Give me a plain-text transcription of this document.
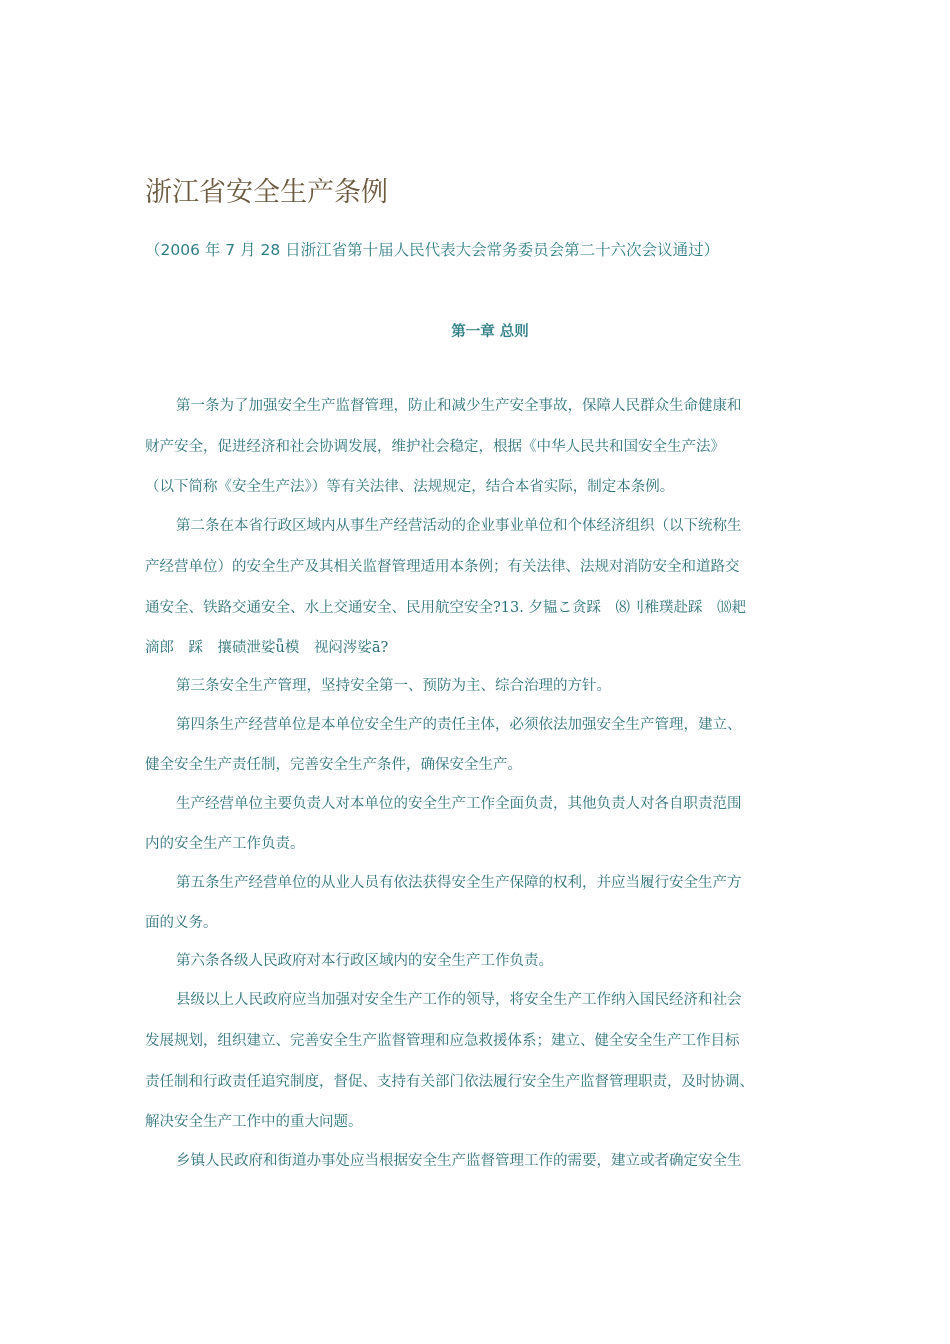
浙江省安全生产条例
（2006 年 7 月 28 日浙江省第十届人民代表大会常务委员会第二十六次会议通过）
第一章 总则
第一条为了加强安全生产监督管理，防止和减少生产安全事故，保障人民群众生命健康和
财产安全，促进经济和社会协调发展，维护社会稳定，根据《中华人民共和国安全生产法》
（以下简称《安全生产法》）等有关法律、法规规定，结合本省实际，制定本条例。
第二条在本省行政区域内从事生产经营活动的企业事业单位和个体经济组织（以下统称生
产经营单位）的安全生产及其相关监督管理适用本条例；有关法律、法规对消防安全和道路交
通安全、铁路交通安全、水上交通安全、民用航空安全?13. 夕韫こ贪踩　⑻刂稚璞赴踩　⒅耙
滴郎　踩　攘碛泄娑ǖ模　视闷涔娑ā?
第三条安全生产管理，坚持安全第一、预防为主、综合治理的方针。
第四条生产经营单位是本单位安全生产的责任主体，必须依法加强安全生产管理，建立、
健全安全生产责任制，完善安全生产条件，确保安全生产。
生产经营单位主要负责人对本单位的安全生产工作全面负责，其他负责人对各自职责范围
内的安全生产工作负责。
第五条生产经营单位的从业人员有依法获得安全生产保障的权利，并应当履行安全生产方
面的义务。
第六条各级人民政府对本行政区域内的安全生产工作负责。
县级以上人民政府应当加强对安全生产工作的领导，将安全生产工作纳入国民经济和社会
发展规划，组织建立、完善安全生产监督管理和应急救援体系；建立、健全安全生产工作目标
责任制和行政责任追究制度，督促、支持有关部门依法履行安全生产监督管理职责，及时协调、
解决安全生产工作中的重大问题。
乡镇人民政府和街道办事处应当根据安全生产监督管理工作的需要，建立或者确定安全生
